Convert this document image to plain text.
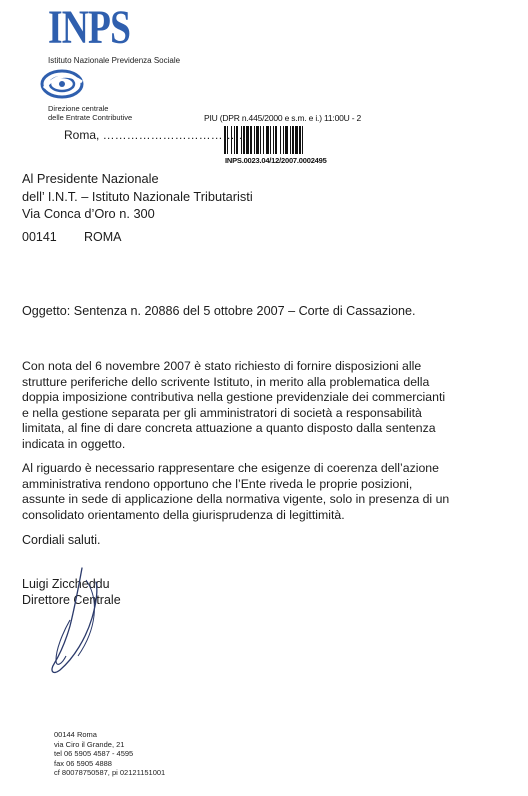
INPS
Istituto Nazionale Previdenza Sociale
Direzione centrale
delle Entrate Contributive	PIU (DPR n.445/2000 e s.m. e i.) 11:00U - 2
INPS.0023.04/12/2007.0002495
Roma, ………………………………
Al Presidente Nazionale
dell’ I.N.T. – Istituto Nazionale Tributaristi
Via Conca d’Oro n. 300
00141 ROMA
Oggetto: Sentenza n. 20886 del 5 ottobre 2007 – Corte di Cassazione.
Con nota del 6 novembre 2007 è stato richiesto di fornire disposizioni alle
strutture periferiche dello scrivente Istituto, in merito alla problematica della
doppia imposizione contributiva nella gestione previdenziale dei commercianti
e nella gestione separata per gli amministratori di società a responsabilità
limitata, al fine di dare concreta attuazione a quanto disposto dalla sentenza
indicata in oggetto.
Al riguardo è necessario rappresentare che esigenze di coerenza dell’azione
amministrativa rendono opportuno che l’Ente riveda le proprie posizioni,
assunte in sede di applicazione della normativa vigente, solo in presenza di un
consolidato orientamento della giurisprudenza di legittimità.
Cordiali saluti.
Luigi Ziccheddu
Direttore Centrale
00144 Roma
via Ciro il Grande, 21
tel 06 5905 4587 - 4595
fax 06 5905 4888
cf 80078750587, pi 02121151001
